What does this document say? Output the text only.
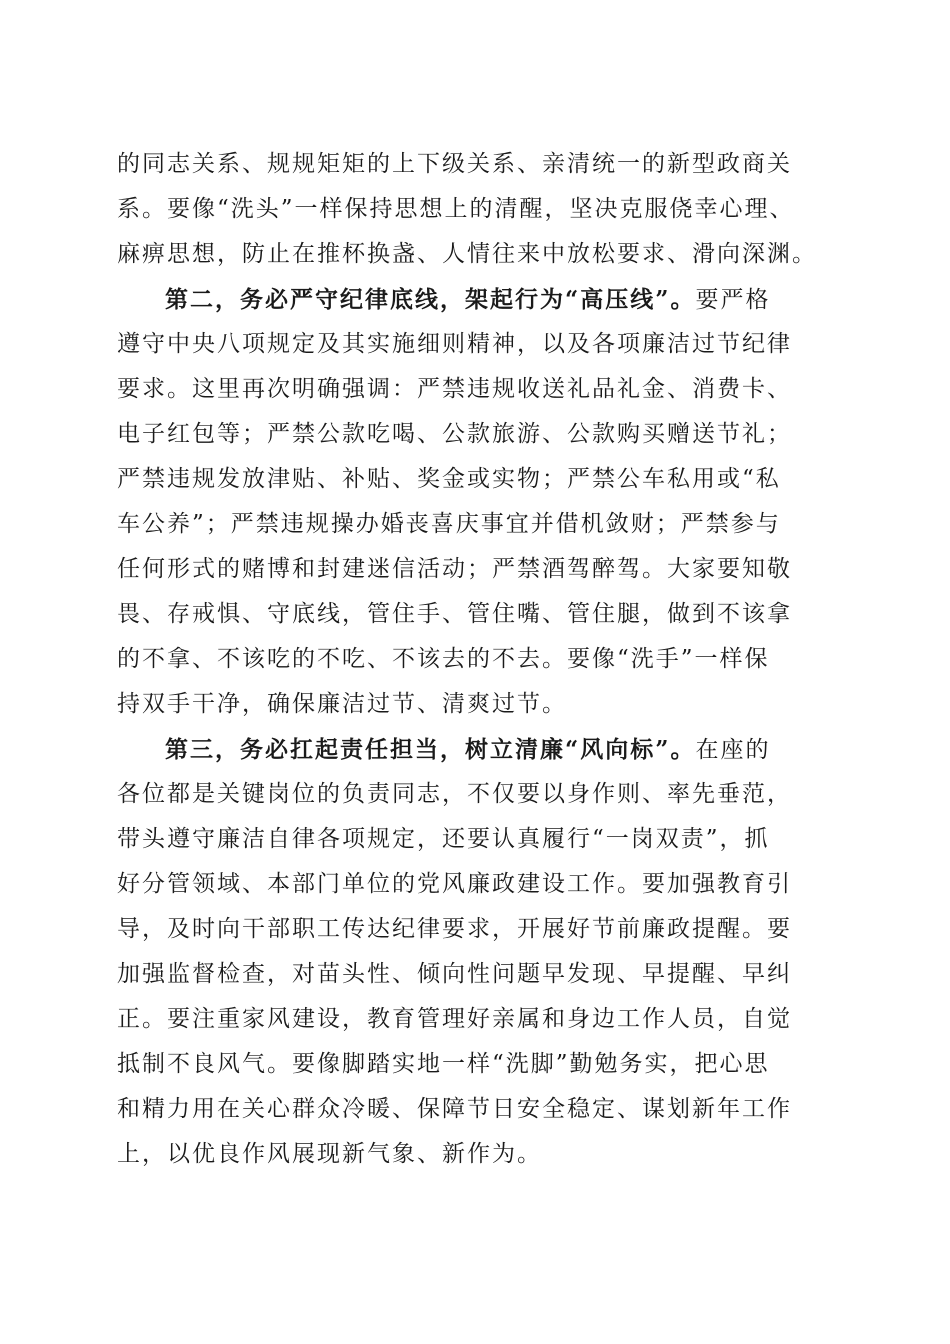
的同志关系、规规矩矩的上下级关系、亲清统一的新型政商关
系。要像“洗头”一样保持思想上的清醒，坚决克服侥幸心理、
麻痹思想，防止在推杯换盏、人情往来中放松要求、滑向深渊。
第二，务必严守纪律底线，架起行为“高压线”。要严格
遵守中央八项规定及其实施细则精神，以及各项廉洁过节纪律
要求。这里再次明确强调：严禁违规收送礼品礼金、消费卡、
电子红包等；严禁公款吃喝、公款旅游、公款购买赠送节礼；
严禁违规发放津贴、补贴、奖金或实物；严禁公车私用或“私
车公养”；严禁违规操办婚丧喜庆事宜并借机敛财；严禁参与
任何形式的赌博和封建迷信活动；严禁酒驾醉驾。大家要知敬
畏、存戒惧、守底线，管住手、管住嘴、管住腿，做到不该拿
的不拿、不该吃的不吃、不该去的不去。要像“洗手”一样保
持双手干净，确保廉洁过节、清爽过节。
第三，务必扛起责任担当，树立清廉“风向标”。在座的
各位都是关键岗位的负责同志，不仅要以身作则、率先垂范，
带头遵守廉洁自律各项规定，还要认真履行“一岗双责”，抓
好分管领域、本部门单位的党风廉政建设工作。要加强教育引
导，及时向干部职工传达纪律要求，开展好节前廉政提醒。要
加强监督检查，对苗头性、倾向性问题早发现、早提醒、早纠
正。要注重家风建设，教育管理好亲属和身边工作人员，自觉
抵制不良风气。要像脚踏实地一样“洗脚”勤勉务实，把心思
和精力用在关心群众冷暖、保障节日安全稳定、谋划新年工作
上，以优良作风展现新气象、新作为。
